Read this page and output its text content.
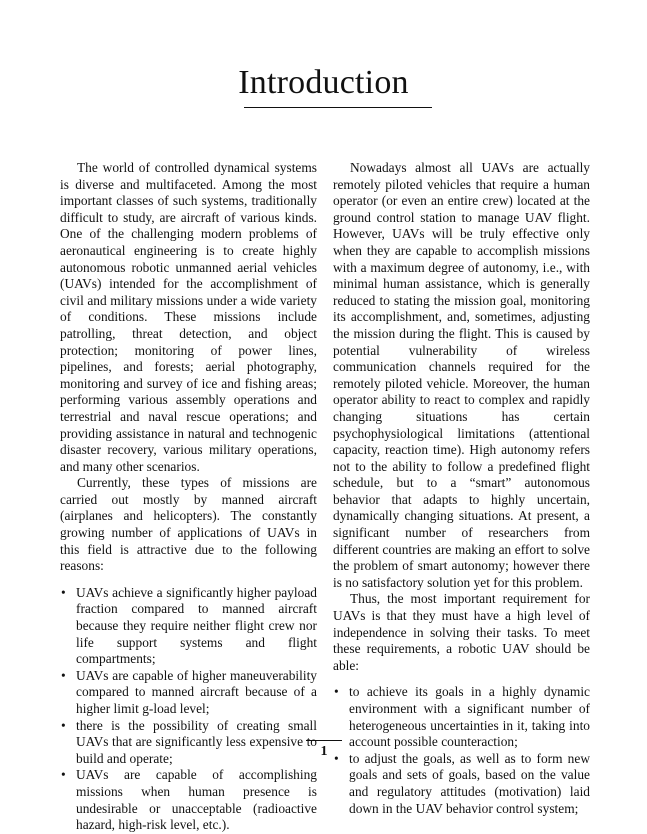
Introduction

The world of controlled dynamical systems is diverse and multifaceted. Among the most important classes of such systems, traditionally difficult to study, are aircraft of various kinds. One of the challenging modern problems of aeronautical engineering is to create highly autonomous robotic unmanned aerial vehicles (UAVs) intended for the accomplishment of civil and military missions under a wide variety of conditions. These missions include patrolling, threat detection, and object protection; monitoring of power lines, pipelines, and forests; aerial photography, monitoring and survey of ice and fishing areas; performing various assembly operations and terrestrial and naval rescue operations; and providing assistance in natural and technogenic disaster recovery, various military operations, and many other scenarios.

Currently, these types of missions are carried out mostly by manned aircraft (airplanes and helicopters). The constantly growing number of applications of UAVs in this field is attractive due to the following reasons:

• UAVs achieve a significantly higher payload fraction compared to manned aircraft because they require neither flight crew nor life support systems and flight compartments;
• UAVs are capable of higher maneuverability compared to manned aircraft because of a higher limit g-load level;
• there is the possibility of creating small UAVs that are significantly less expensive to build and operate;
• UAVs are capable of accomplishing missions when human presence is undesirable or unacceptable (radioactive hazard, high-risk level, etc.).

Nowadays almost all UAVs are actually remotely piloted vehicles that require a human operator (or even an entire crew) located at the ground control station to manage UAV flight. However, UAVs will be truly effective only when they are capable to accomplish missions with a maximum degree of autonomy, i.e., with minimal human assistance, which is generally reduced to stating the mission goal, monitoring its accomplishment, and, sometimes, adjusting the mission during the flight. This is caused by potential vulnerability of wireless communication channels required for the remotely piloted vehicle. Moreover, the human operator ability to react to complex and rapidly changing situations has certain psychophysiological limitations (attentional capacity, reaction time). High autonomy refers not to the ability to follow a predefined flight schedule, but to a “smart” autonomous behavior that adapts to highly uncertain, dynamically changing situations. At present, a significant number of researchers from different countries are making an effort to solve the problem of smart autonomy; however there is no satisfactory solution yet for this problem.

Thus, the most important requirement for UAVs is that they must have a high level of independence in solving their tasks. To meet these requirements, a robotic UAV should be able:

• to achieve its goals in a highly dynamic environment with a significant number of heterogeneous uncertainties in it, taking into account possible counteraction;
• to adjust the goals, as well as to form new goals and sets of goals, based on the value and regulatory attitudes (motivation) laid down in the UAV behavior control system;
1
